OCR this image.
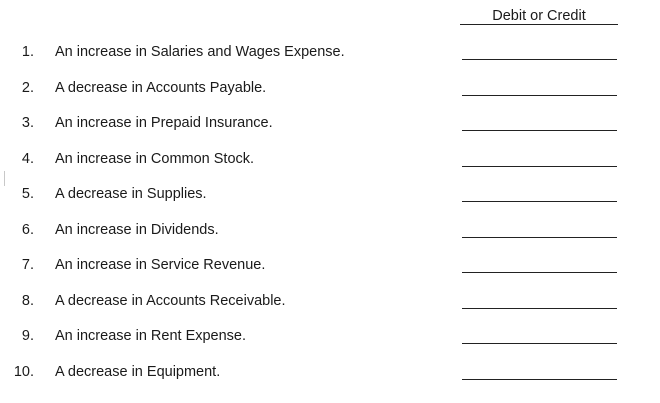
Debit or Credit
1. An increase in Salaries and Wages Expense.
2. A decrease in Accounts Payable.
3. An increase in Prepaid Insurance.
4. An increase in Common Stock.
5. A decrease in Supplies.
6. An increase in Dividends.
7. An increase in Service Revenue.
8. A decrease in Accounts Receivable.
9. An increase in Rent Expense.
10. A decrease in Equipment.
